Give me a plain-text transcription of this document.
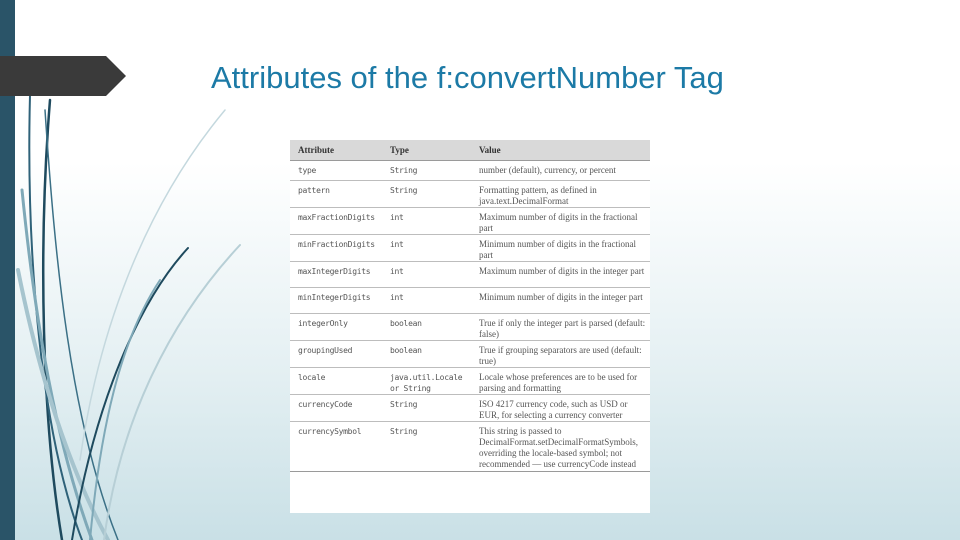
Attributes of the f:convertNumber Tag
Attribute	Type	Value
type	String	number (default), currency, or percent
pattern	String	Formatting pattern, as defined in java.text.DecimalFormat
maxFractionDigits	int	Maximum number of digits in the fractional part
minFractionDigits	int	Minimum number of digits in the fractional part
maxIntegerDigits	int	Maximum number of digits in the integer part
minIntegerDigits	int	Minimum number of digits in the integer part
integerOnly	boolean	True if only the integer part is parsed (default: false)
groupingUsed	boolean	True if grouping separators are used (default: true)
locale	java.util.Locale or String	Locale whose preferences are to be used for parsing and formatting
currencyCode	String	ISO 4217 currency code, such as USD or EUR, for selecting a currency converter
currencySymbol	String	This string is passed to DecimalFormat.setDecimalFormatSymbols, overriding the locale-based symbol; not recommended — use currencyCode instead
